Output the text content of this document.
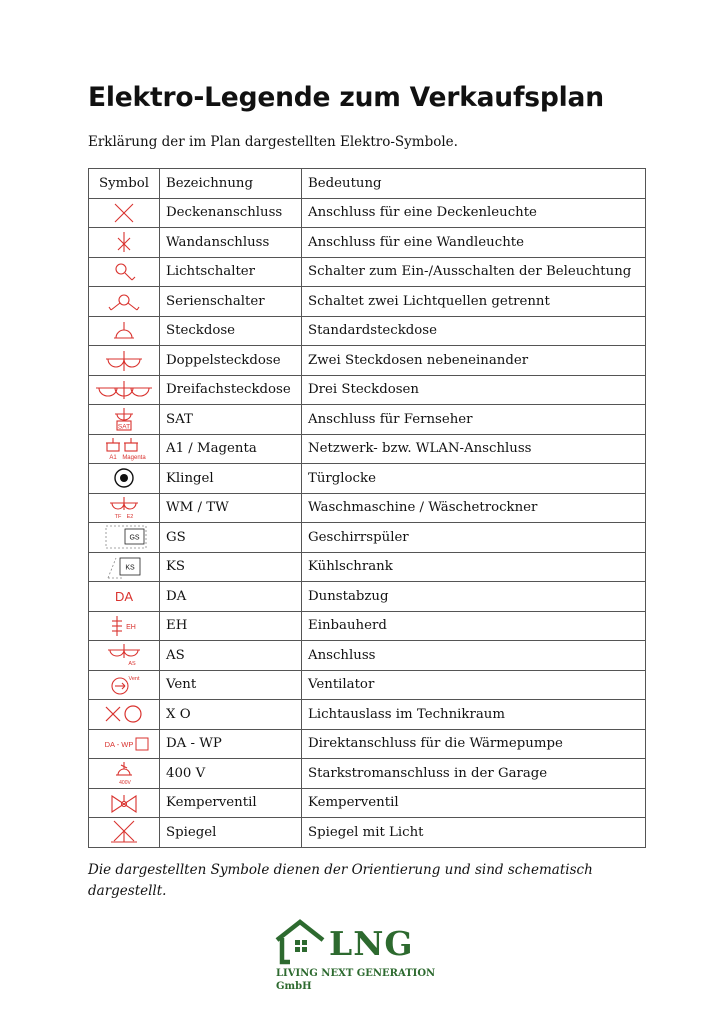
Elektro-Legende zum Verkaufsplan

Erklärung der im Plan dargestellten Elektro-Symbole.

Symbol	Bezeichnung	Bedeutung

	Deckenanschluss	Anschluss für eine Deckenleuchte

	Wandanschluss	Anschluss für eine Wandleuchte

	Lichtschalter	Schalter zum Ein-/Ausschalten der Beleuchtung

	Serienschalter	Schaltet zwei Lichtquellen getrennt

	Steckdose	Standardsteckdose

	Doppelsteckdose	Zwei Steckdosen nebeneinander

	Dreifachsteckdose	Drei Steckdosen

SAT	SAT	Anschluss für Fernseher

A1 Magenta	A1 / Magenta	Netzwerk- bzw. WLAN-Anschluss

	Klingel	Türglocke

TF E2	WM / TW	Waschmaschine / Wäschetrockner

GS	GS	Geschirrspüler

KS	KS	Kühlschrank

DA	DA	Dunstabzug

EH	EH	Einbauherd

AS	AS	Anschluss

Vent	Vent	Ventilator

	X O	Lichtauslass im Technikraum

DA - WP	DA - WP	Direktanschluss für die Wärmepumpe

400V	400 V	Starkstromanschluss in der Garage

	Kemperventil	Kemperventil

	Spiegel	Spiegel mit Licht

Die dargestellten Symbole dienen der Orientierung und sind schematisch dargestellt.

LNG
LIVING NEXT GENERATION
GmbH
